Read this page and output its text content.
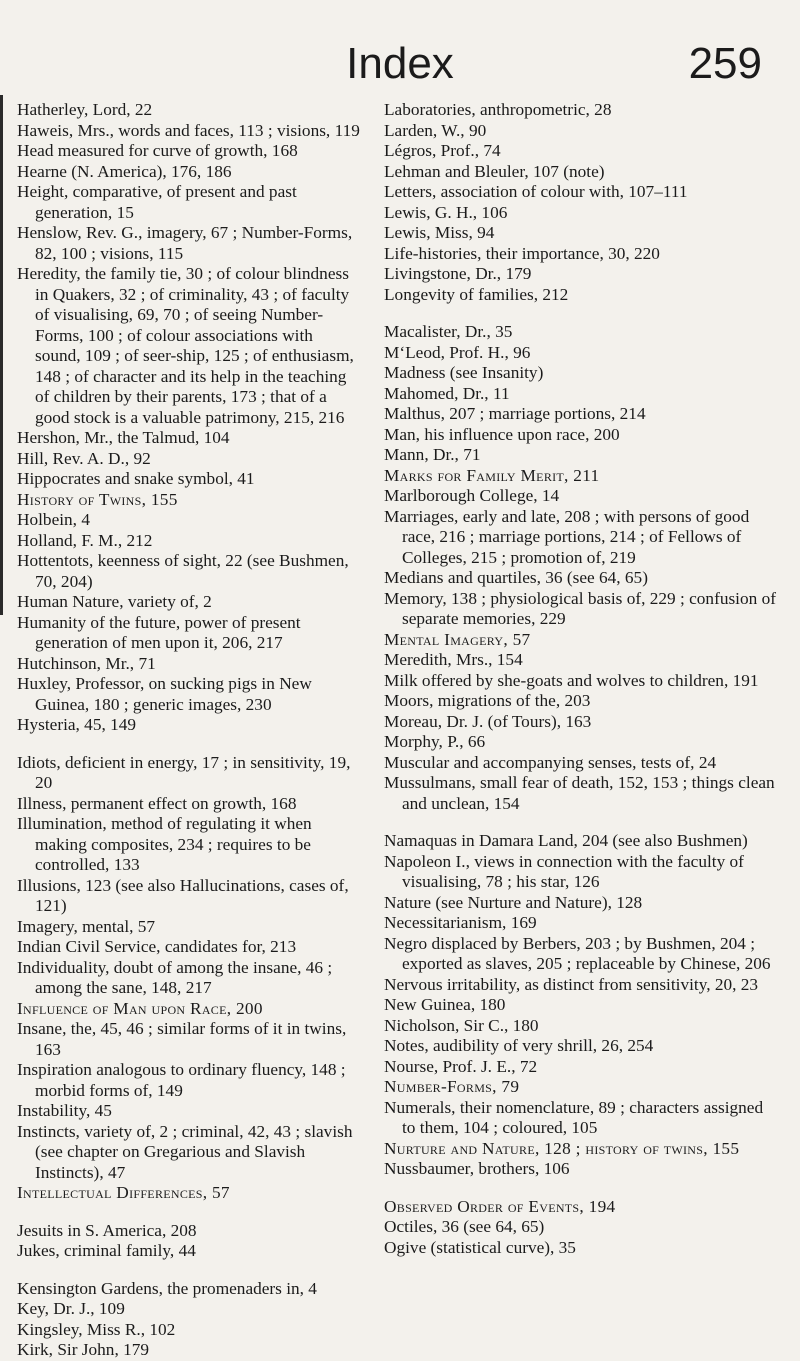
Index	259
Hatherley, Lord, 22
Haweis, Mrs., words and faces, 113 ; visions, 119
Head measured for curve of growth, 168
Hearne (N. America), 176, 186
Height, comparative, of present and past generation, 15
Henslow, Rev. G., imagery, 67 ; Number-Forms, 82, 100 ; visions, 115
Heredity, the family tie, 30 ; of colour blindness in Quakers, 32 ; of criminality, 43 ; of faculty of visualising, 69, 70 ; of seeing Number-Forms, 100 ; of colour associations with sound, 109 ; of seer-ship, 125 ; of enthusiasm, 148 ; of character and its help in the teaching of children by their parents, 173 ; that of a good stock is a valuable patrimony, 215, 216
Hershon, Mr., the Talmud, 104
Hill, Rev. A. D., 92
Hippocrates and snake symbol, 41
History of Twins, 155
Holbein, 4
Holland, F. M., 212
Hottentots, keenness of sight, 22 (see Bushmen, 70, 204)
Human Nature, variety of, 2
Humanity of the future, power of present generation of men upon it, 206, 217
Hutchinson, Mr., 71
Huxley, Professor, on sucking pigs in New Guinea, 180 ; generic images, 230
Hysteria, 45, 149
Idiots, deficient in energy, 17 ; in sensitivity, 19, 20
Illness, permanent effect on growth, 168
Illumination, method of regulating it when making composites, 234 ; requires to be controlled, 133
Illusions, 123 (see also Hallucinations, cases of, 121)
Imagery, mental, 57
Indian Civil Service, candidates for, 213
Individuality, doubt of among the insane, 46 ; among the sane, 148, 217
Influence of Man upon Race, 200
Insane, the, 45, 46 ; similar forms of it in twins, 163
Inspiration analogous to ordinary fluency, 148 ; morbid forms of, 149
Instability, 45
Instincts, variety of, 2 ; criminal, 42, 43 ; slavish (see chapter on Gregarious and Slavish Instincts), 47
Intellectual Differences, 57
Jesuits in S. America, 208
Jukes, criminal family, 44
Kensington Gardens, the promenaders in, 4
Key, Dr. J., 109
Kingsley, Miss R., 102
Kirk, Sir John, 179
Laboratories, anthropometric, 28
Larden, W., 90
Légros, Prof., 74
Lehman and Bleuler, 107 (note)
Letters, association of colour with, 107–111
Lewis, G. H., 106
Lewis, Miss, 94
Life-histories, their importance, 30, 220
Livingstone, Dr., 179
Longevity of families, 212
Macalister, Dr., 35
M‘Leod, Prof. H., 96
Madness (see Insanity)
Mahomed, Dr., 11
Malthus, 207 ; marriage portions, 214
Man, his influence upon race, 200
Mann, Dr., 71
Marks for Family Merit, 211
Marlborough College, 14
Marriages, early and late, 208 ; with persons of good race, 216 ; marriage portions, 214 ; of Fellows of Colleges, 215 ; promotion of, 219
Medians and quartiles, 36 (see 64, 65)
Memory, 138 ; physiological basis of, 229 ; confusion of separate memories, 229
Mental Imagery, 57
Meredith, Mrs., 154
Milk offered by she-goats and wolves to children, 191
Moors, migrations of the, 203
Moreau, Dr. J. (of Tours), 163
Morphy, P., 66
Muscular and accompanying senses, tests of, 24
Mussulmans, small fear of death, 152, 153 ; things clean and unclean, 154
Namaquas in Damara Land, 204 (see also Bushmen)
Napoleon I., views in connection with the faculty of visualising, 78 ; his star, 126
Nature (see Nurture and Nature), 128
Necessitarianism, 169
Negro displaced by Berbers, 203 ; by Bushmen, 204 ; exported as slaves, 205 ; replaceable by Chinese, 206
Nervous irritability, as distinct from sensitivity, 20, 23
New Guinea, 180
Nicholson, Sir C., 180
Notes, audibility of very shrill, 26, 254
Nourse, Prof. J. E., 72
Number-Forms, 79
Numerals, their nomenclature, 89 ; characters assigned to them, 104 ; coloured, 105
Nurture and Nature, 128 ; history of twins, 155
Nussbaumer, brothers, 106
Observed Order of Events, 194
Octiles, 36 (see 64, 65)
Ogive (statistical curve), 35
